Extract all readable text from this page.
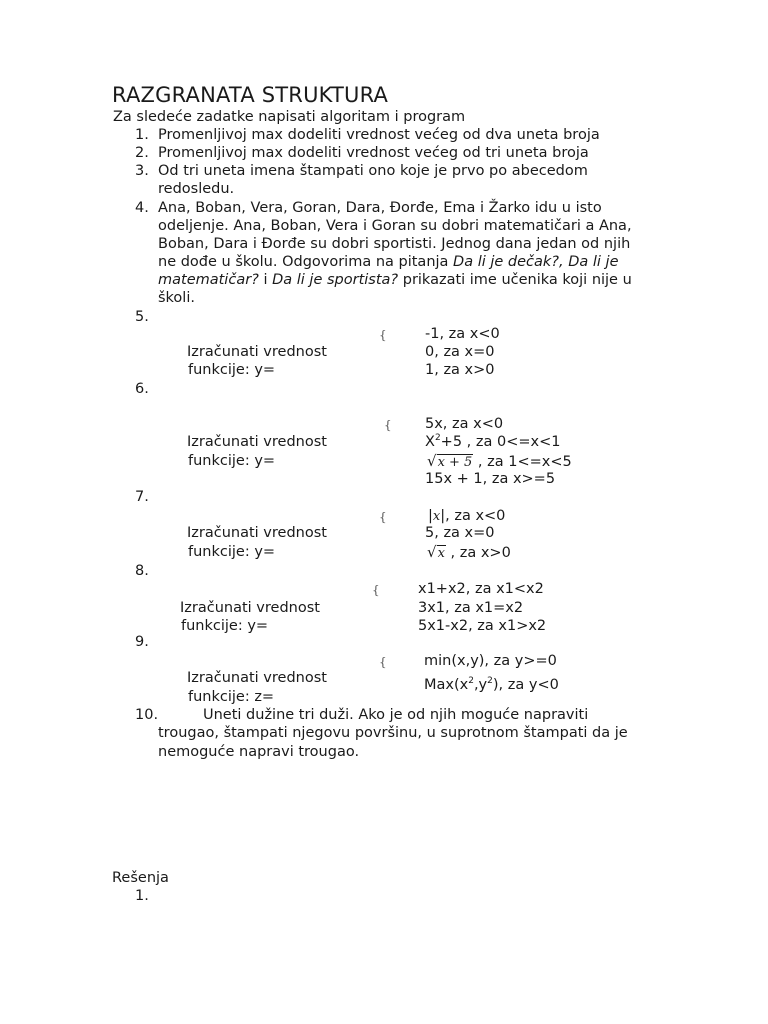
RAZGRANATA STRUKTURA
Za sledeće zadatke napisati algoritam i program
1. Promenljivoj max dodeliti vrednost većeg od dva uneta broja
2. Promenljivoj max dodeliti vrednost većeg od tri uneta broja
3. Od tri uneta imena štampati ono koje je prvo po abecedom
redosledu.
4. Ana, Boban, Vera, Goran, Dara, Đorđe, Ema i Žarko idu u isto
odeljenje. Ana, Boban, Vera i Goran su dobri matematičari a Ana,
Boban, Dara i Đorđe su dobri sportisti. Jednog dana jedan od njih
ne dođe u školu. Odgovorima na pitanja Da li je dečak?, Da li je
matematičar? i Da li je sportista? prikazati ime učenika koji nije u
školi.
5.
{	-1, za x<0
Izračunati vrednost	0, za x=0
funkcije: y=	1, za x>0
6.
{ 5x, za x<0
Izračunati vrednost	$X^2+5$ , za 0<=x<1
funkcije: y=	√x + 5 , za 1<=x<5
15x + 1, za x>=5
7.
{	|x|, za x<0
Izračunati vrednost	5, za x=0
funkcije: y=	√x , za x>0
8.
{	x1+x2, za x1<x2
Izračunati vrednost	3x1, za x1=x2
funkcije: y=	5x1-x2, za x1>x2
9.
{	min(x,y), za y>=0
Izračunati vrednost	$Max(x^2,y^2)$, za y<0
funkcije: z=
10.	Uneti dužine tri duži. Ako je od njih moguće napraviti
trougao, štampati njegovu površinu, u suprotnom štampati da je
nemoguće napravi trougao.
Rešenja
1.
